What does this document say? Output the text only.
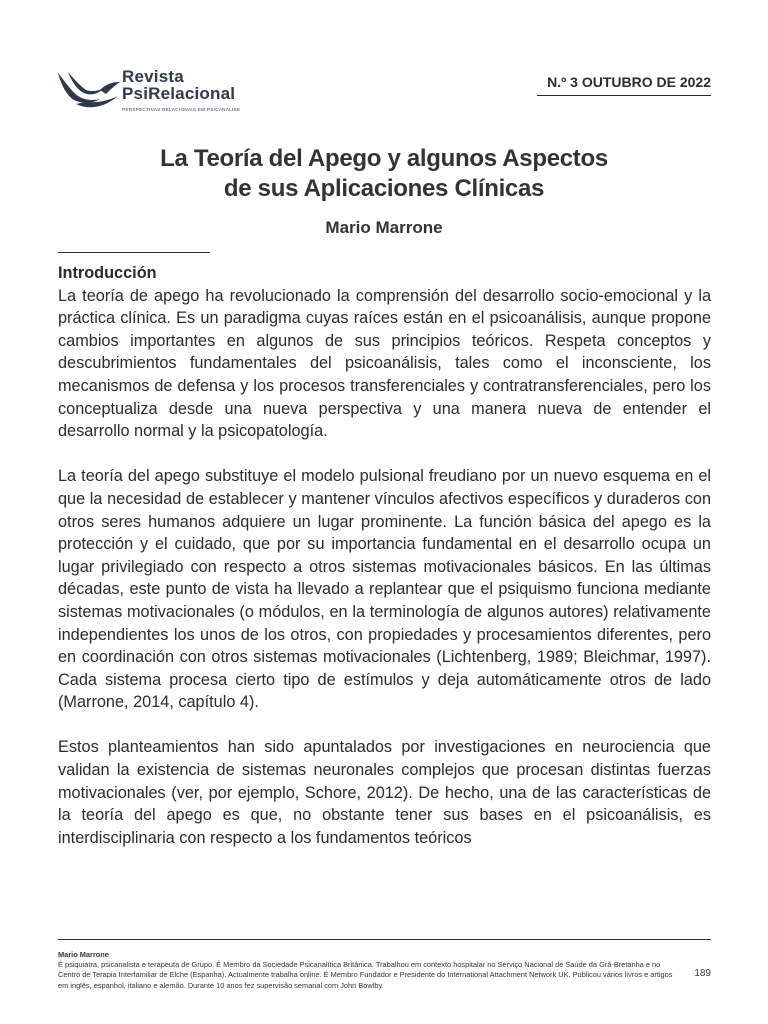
Revista
PsiRelacional
PERSPECTIVAS RELACIONAIS EM PSICANÁLISE
N.º 3 OUTUBRO DE 2022
La Teoría del Apego y algunos Aspectos
de sus Aplicaciones Clínicas
Mario Marrone

Introducción

La teoría de apego ha revolucionado la comprensión del desarrollo socio-emocional y la práctica clínica. Es un paradigma cuyas raíces están en el psicoanálisis, aunque propone cambios importantes en algunos de sus principios teóricos. Respeta conceptos y descubrimientos fundamentales del psicoanálisis, tales como el inconsciente, los mecanismos de defensa y los procesos transferenciales y contratransferenciales, pero los conceptualiza desde una nueva perspectiva y una manera nueva de entender el desarrollo normal y la psicopatología.

La teoría del apego substituye el modelo pulsional freudiano por un nuevo esquema en el que la necesidad de establecer y mantener vínculos afectivos específicos y duraderos con otros seres humanos adquiere un lugar prominente. La función básica del apego es la protección y el cuidado, que por su importancia fundamental en el desarrollo ocupa un lugar privilegiado con respecto a otros sistemas motivacionales básicos. En las últimas décadas, este punto de vista ha llevado a replantear que el psiquismo funciona mediante sistemas motivacionales (o módulos, en la terminología de algunos autores) relativamente independientes los unos de los otros, con propiedades y procesamientos diferentes, pero en coordinación con otros sistemas motivacionales (Lichtenberg, 1989; Bleichmar, 1997). Cada sistema procesa cierto tipo de estímulos y deja automáticamente otros de lado (Marrone, 2014, capítulo 4).

Estos planteamientos han sido apuntalados por investigaciones en neurociencia que validan la existencia de sistemas neuronales complejos que procesan distintas fuerzas motivacionales (ver, por ejemplo, Schore, 2012). De hecho, una de las características de la teoría del apego es que, no obstante tener sus bases en el psicoanálisis, es interdisciplinaria con respecto a los fundamentos teóricos

Mario Marrone
É psiquiatra, psicanalista e terapeuta de Grupo. É Membro da Sociedade Psicanalítica Britânica. Trabalhou em contexto hospitalar no Serviço Nacional de Saúde da Grã-Bretanha e no Centro de Terapia Interfamiliar de Elche (Espanha). Actualmente trabalha online. É Membro Fundador e Presidente do International Attachment Network UK. Publicou vários livros e artigos em inglês, espanhol, italiano e alemão. Durante 10 anos fez supervisão semanal com John Bowlby.
189
